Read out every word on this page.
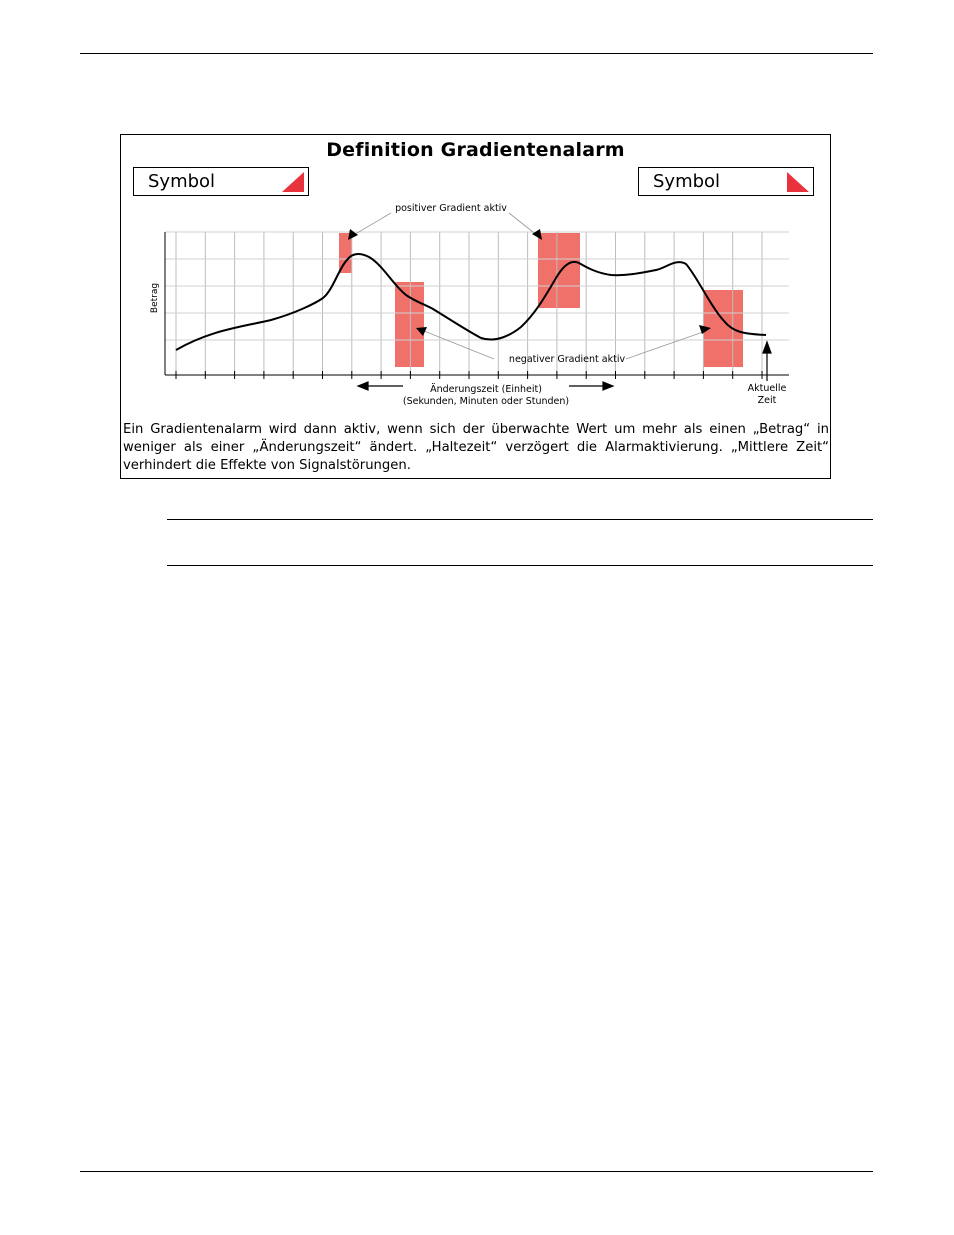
Definition Gradientenalarm
Symbol	Symbol
Betrag
positiver Gradient aktiv
negativer Gradient aktiv
Änderungszeit (Einheit)
(Sekunden, Minuten oder Stunden)
Aktuelle
Zeit
Ein Gradientenalarm wird dann aktiv, wenn sich der überwachte Wert um mehr als einen „Betrag“ in weniger als einer „Änderungszeit“ ändert. „Haltezeit“ verzögert die Alarmaktivierung. „Mittlere Zeit“ verhindert die Effekte von Signalstörungen.
